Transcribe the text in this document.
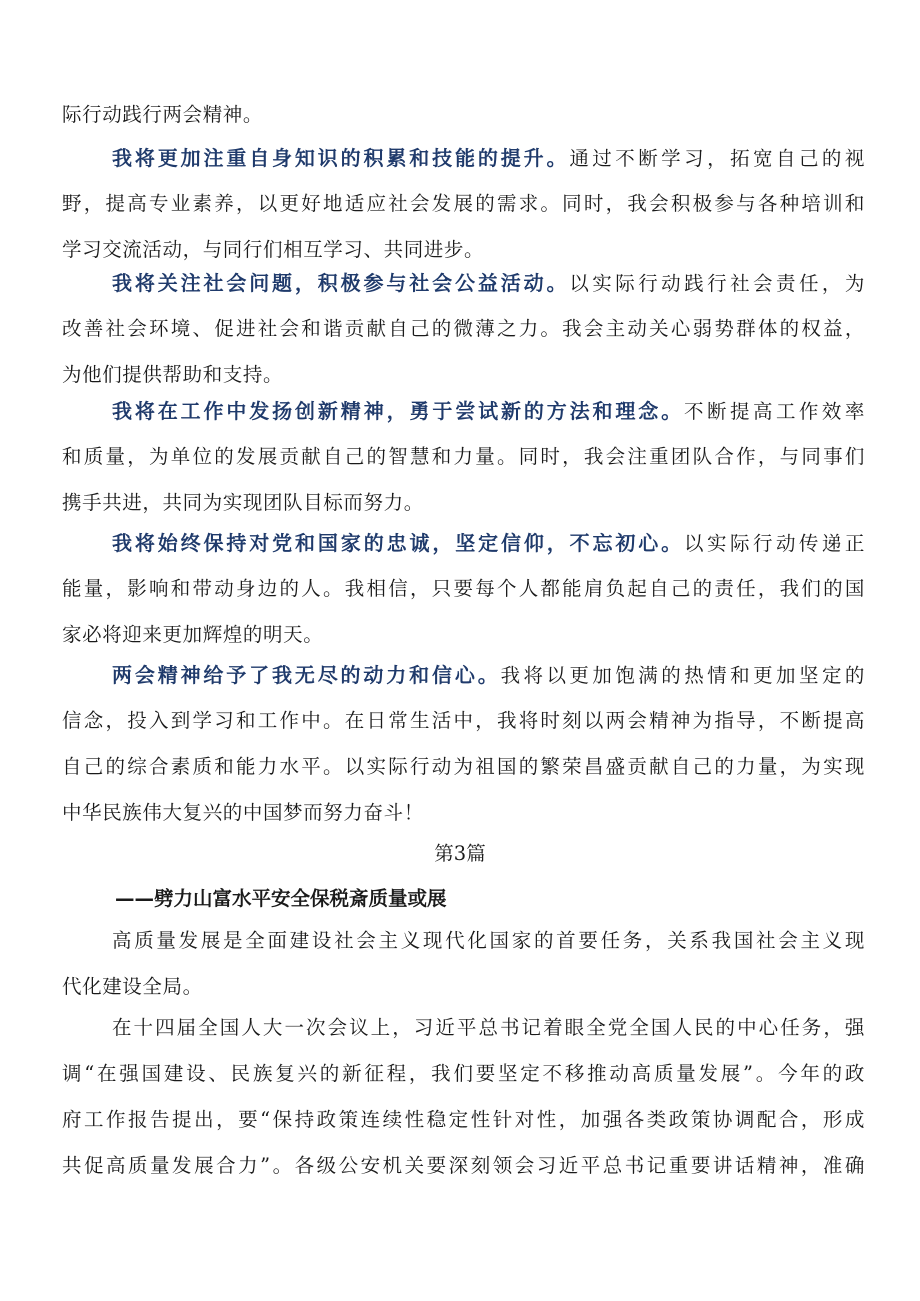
际行动践行两会精神。
我将更加注重自身知识的积累和技能的提升。通过不断学习，拓宽自己的视
野，提高专业素养，以更好地适应社会发展的需求。同时，我会积极参与各种培训和
学习交流活动，与同行们相互学习、共同进步。
我将关注社会问题，积极参与社会公益活动。以实际行动践行社会责任，为
改善社会环境、促进社会和谐贡献自己的微薄之力。我会主动关心弱势群体的权益，
为他们提供帮助和支持。
我将在工作中发扬创新精神，勇于尝试新的方法和理念。不断提高工作效率
和质量，为单位的发展贡献自己的智慧和力量。同时，我会注重团队合作，与同事们
携手共进，共同为实现团队目标而努力。
我将始终保持对党和国家的忠诚，坚定信仰，不忘初心。以实际行动传递正
能量，影响和带动身边的人。我相信，只要每个人都能肩负起自己的责任，我们的国
家必将迎来更加辉煌的明天。
两会精神给予了我无尽的动力和信心。我将以更加饱满的热情和更加坚定的
信念，投入到学习和工作中。在日常生活中，我将时刻以两会精神为指导，不断提高
自己的综合素质和能力水平。以实际行动为祖国的繁荣昌盛贡献自己的力量，为实现
中华民族伟大复兴的中国梦而努力奋斗！
第3篇
——劈力山富水平安全保税斎质量或展
高质量发展是全面建设社会主义现代化国家的首要任务，关系我国社会主义现
代化建设全局。
在十四届全国人大一次会议上，习近平总书记着眼全党全国人民的中心任务，强
调“在强国建设、民族复兴的新征程，我们要坚定不移推动高质量发展”。今年的政
府工作报告提出，要“保持政策连续性稳定性针对性，加强各类政策协调配合，形成
共促高质量发展合力”。各级公安机关要深刻领会习近平总书记重要讲话精神，准确
